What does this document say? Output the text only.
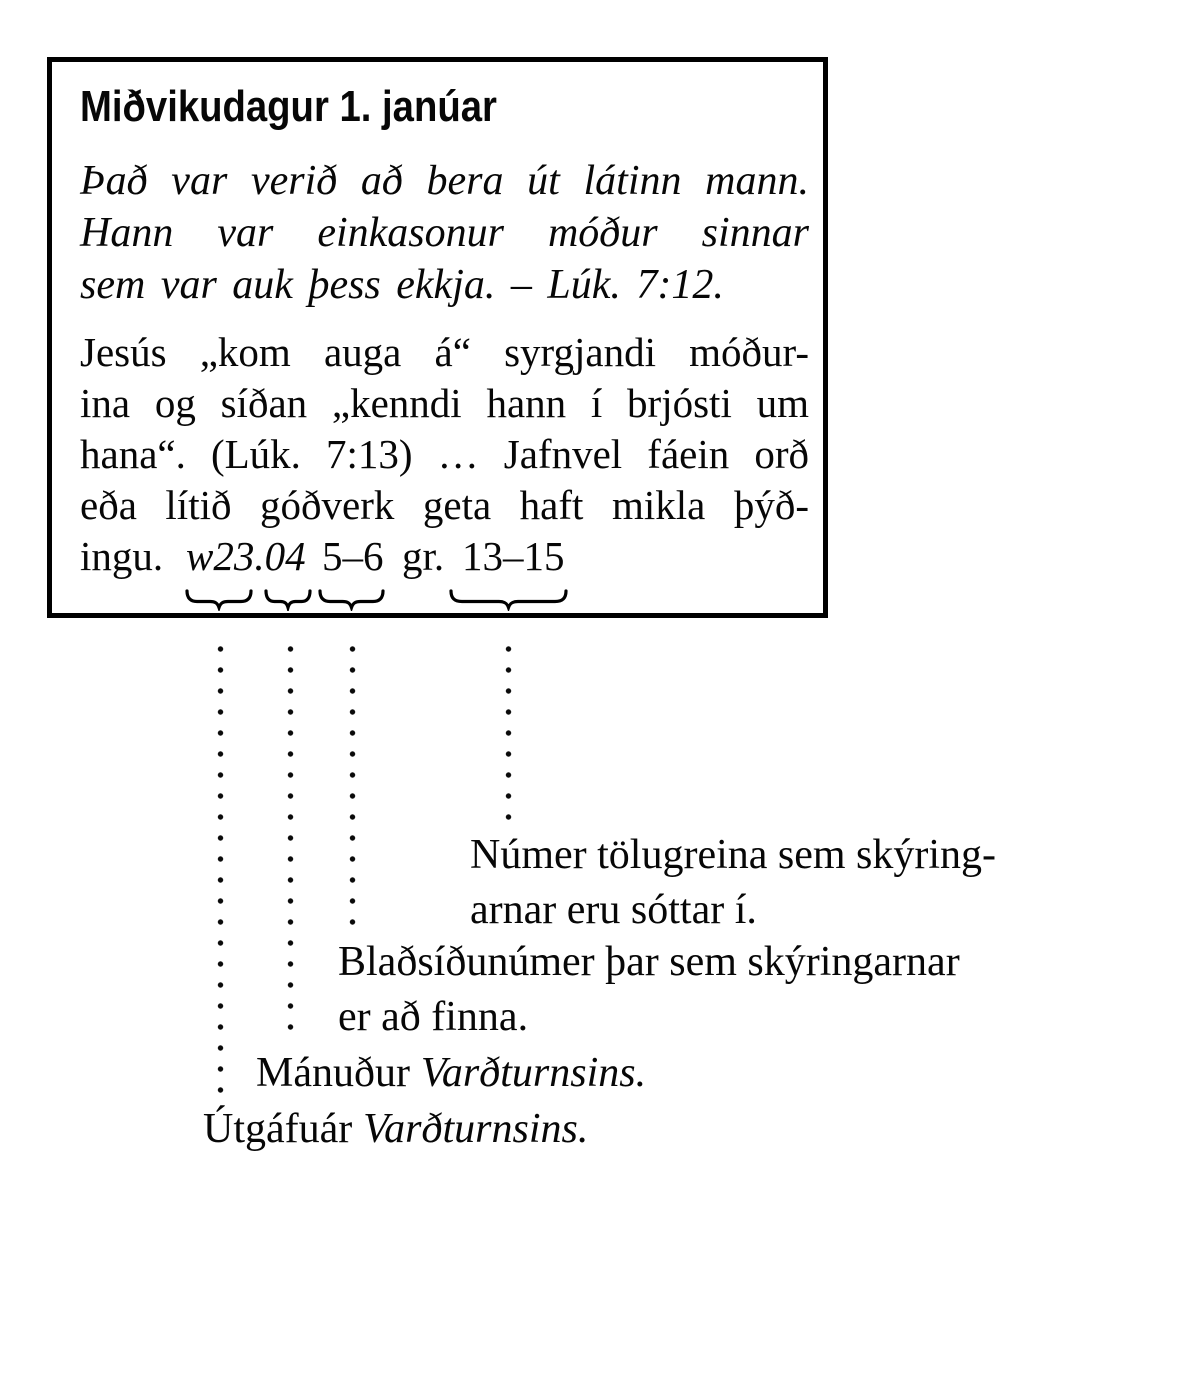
Miðvikudagur 1. janúar
Það var verið að bera út látinn mann.
Hann var einkasonur móður sinnar
sem var auk þess ekkja. – Lúk. 7:12.
Jesús „kom auga á“ syrgjandi móður-
ina og síðan „kenndi hann í brjósti um
hana“. (Lúk. 7:13) … Jafnvel fáein orð
eða lítið góðverk geta haft mikla þýð-
ingu. w23.04 5–6 gr. 13–15
Númer tölugreina sem skýring-
arnar eru sóttar í.
Blaðsíðunúmer þar sem skýringarnar
er að finna.
Mánuður Varðturnsins.
Útgáfuár Varðturnsins.
